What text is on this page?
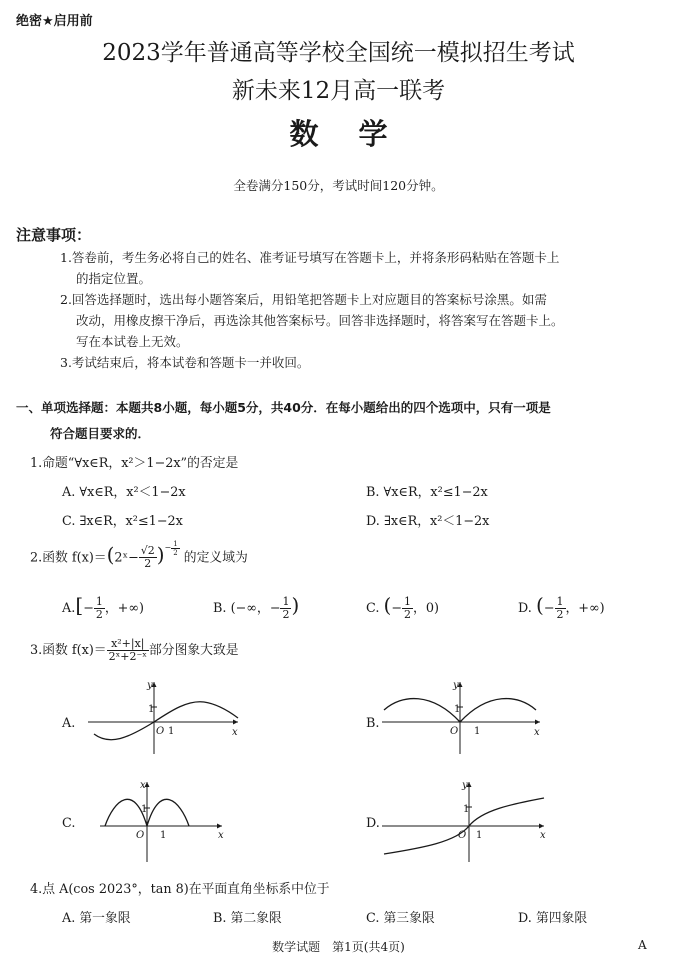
绝密★启用前
2023学年普通高等学校全国统一模拟招生考试
新未来12月高一联考
数学
全卷满分150分，考试时间120分钟。
注意事项：
1.答卷前，考生务必将自己的姓名、准考证号填写在答题卡上，并将条形码粘贴在答题卡上
的指定位置。
2.回答选择题时，选出每小题答案后，用铅笔把答题卡上对应题目的答案标号涂黑。如需
改动，用橡皮擦干净后，再选涂其他答案标号。回答非选择题时，将答案写在答题卡上。
写在本试卷上无效。
3.考试结束后，将本试卷和答题卡一并收回。
一、单项选择题：本题共8小题，每小题5分，共40分．在每小题给出的四个选项中，只有一项是
符合题目要求的．
1.命题“∀x∈R，x²＞1−2x”的否定是
A. ∀x∈R，x²＜1−2x	B. ∀x∈R，x²≤1−2x
C. ∃x∈R，x²≤1−2x	D. ∃x∈R，x²＜1−2x
2.函数 f(x)＝(2ˣ− $\frac{√2}{2} )^{- \frac{1}{2}}$
的定义域为
$A.[- \frac{1}{2}$ ，+∞)	B. (−∞，− $\frac{1}{2}$ )	C. (− $\frac{1}{2}$ ，0)	D. (− $\frac{1}{2}$ ，+∞)
3.函数 $f(x)= \frac{\text{x²+|x|}}{\text{2ˣ+2⁻ˣ}}$ 部分图象大致是
A.	B.
C.	D.
y
1
O 1	x
y
1
O 1	x
x
1
O 1	x
y
1
O 1	x
4.点 A(cos 2023°，tan 8)在平面直角坐标系中位于
A. 第一象限	B. 第二象限	C. 第三象限	D. 第四象限
数学试题　第1页(共4页)	A
